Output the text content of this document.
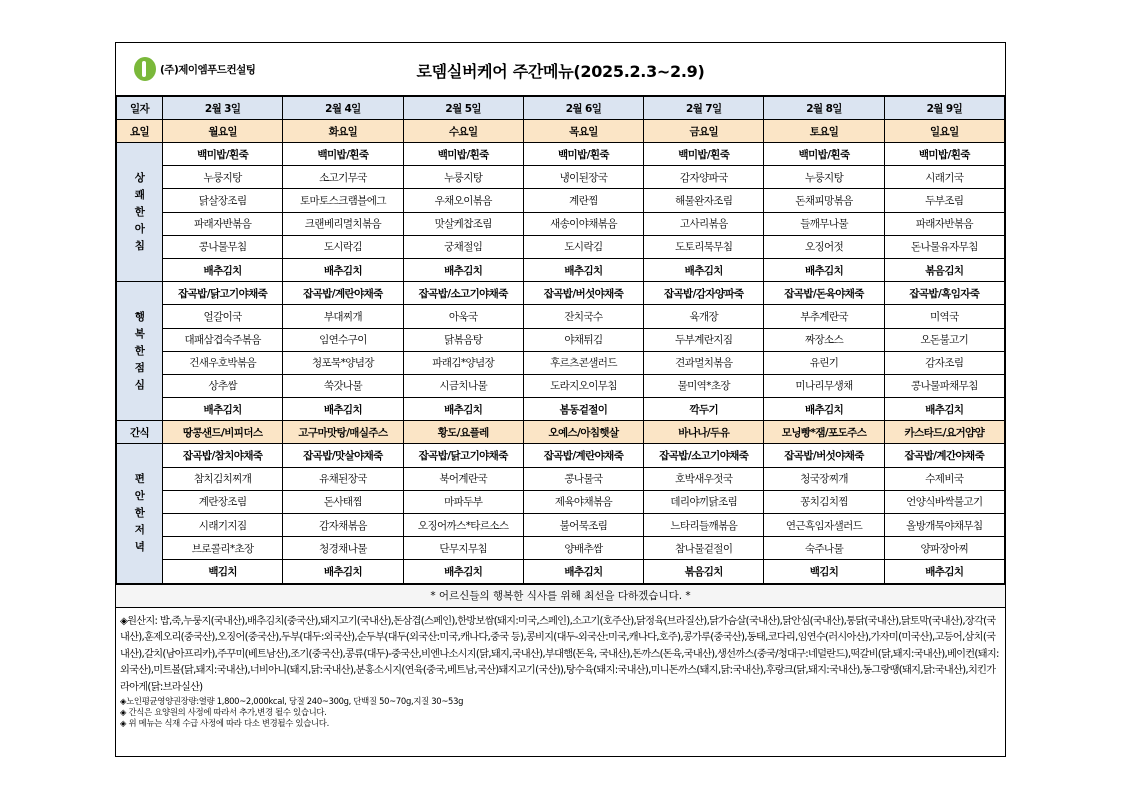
(주)제이엠푸드컨설팅	로뎀실버케어 주간메뉴(2025.2.3~2.9)
일자	2월 3일	2월 4일	2월 5일	2월 6일	2월 7일	2월 8일	2월 9일
요일	월요일	화요일	수요일	목요일	금요일	토요일	일요일

상
쾌
한
아
침	백미밥/흰죽	백미밥/흰죽	백미밥/흰죽	백미밥/흰죽	백미밥/흰죽	백미밥/흰죽	백미밥/흰죽
	누룽지탕	소고기무국	누룽지탕	냉이된장국	감자양파국	누룽지탕	시래기국
	닭살장조림	토마토스크램블에그	우채오이볶음	계란찜	해물완자조림	돈채피망볶음	두부조림
	파래자반볶음	크랜베리멸치볶음	맛살케찹조림	새송이야채볶음	고사리볶음	들깨무나물	파래자반볶음
	콩나물무침	도시락김	궁채절임	도시락김	도토리묵무침	오징어젓	돈나물유자무침
	배추김치	배추김치	배추김치	배추김치	배추김치	배추김치	볶음김치

행
복
한
점
심	잡곡밥/닭고기야채죽	잡곡밥/계란야채죽	잡곡밥/소고기야채죽	잡곡밥/버섯야채죽	잡곡밥/감자양파죽	잡곡밥/돈육야채죽	잡곡밥/흑임자죽
	얼갈이국	부대찌개	아욱국	잔치국수	육개장	부추계란국	미역국
	대패삼겹숙주볶음	임연수구이	닭볶음탕	야채튀김	두부계란지짐	짜장소스	오돈불고기
	건새우호박볶음	청포묵*양념장	파래김*양념장	후르츠콘샐러드	견과멸치볶음	유린기	감자조림
	상추쌈	쑥갓나물	시금치나물	도라지오이무침	물미역*초장	미나리무생채	콩나물파채무침
	배추김치	배추김치	배추김치	봄동겉절이	깍두기	배추김치	배추김치
간식	땅콩샌드/비피더스	고구마맛탕/매실주스	황도/요플레	오예스/아침햇살	바나나/두유	모닝빵*잼/포도주스	카스타드/요거얌얌

편
안
한
저
녁	잡곡밥/참치야채죽	잡곡밥/맛살야채죽	잡곡밥/닭고기야채죽	잡곡밥/계란야채죽	잡곡밥/소고기야채죽	잡곡밥/버섯야채죽	잡곡밥/계간야채죽
	참치김치찌개	유채된장국	북어계란국	콩나물국	호박새우젓국	청국장찌개	수제비국
	계란장조림	돈사태찜	마파두부	제육야채볶음	데리야끼닭조림	꽁치김치찜	언양식바싹불고기
	시래기지짐	감자채볶음	오징어까스*타르소스	불어묵조림	느타리들깨볶음	연근흑임자샐러드	올방개묵야채무침
	브로콜리*초장	청경채나물	단무지무침	양배추쌈	참나물겉절이	숙주나물	양파장아찌
	백김치	배추김치	배추김치	배추김치	볶음김치	백김치	배추김치
* 어르신들의 행복한 식사를 위해 최선을 다하겠습니다. *
◈원산지: 밥,죽,누룽지(국내산),배추김치(중국산),돼지고기(국내산),돈삼겹(스페인),한방보쌈(돼지:미국,스페인),소고기(호주산),닭정육(브라질산),닭가슴살(국내산),닭안심(국내산),통닭(국내산),닭토막(국내산),장각(국내산),훈제오리(중국산),오징어(중국산),두부(대두:외국산),순두부(대두(외국산:미국,캐나다,중국 등),콩비지(대두-외국산:미국,캐나다,호주),콩가루(중국산),동태,코다리,임연수(러시아산),가자미(미국산),고등어,삼치(국내산),갈치(남아프리카),주꾸미(베트남산),조기(중국산),콩류(대두)-중국산,비엔나소시지(닭,돼지,국내산),부대햄(돈육, 국내산),돈까스(돈육,국내산),생선까스(중국/청대구:네덜란드),떡갈비(닭,돼지:국내산),베이컨(돼지:외국산),미트볼(닭,돼지:국내산),너비아니(돼지,닭:국내산),분홍소시지(연육(중국,베트남,국산)돼지고기(국산)),탕수육(돼지:국내산),미니돈까스(돼지,닭:국내산),후랑크(닭,돼지:국내산),동그랑땡(돼지,닭:국내산),치킨가라아게(닭:브라실산)
◈노인평균영양권장량:열량 1,800~2,000kcal, 당질 240~300g, 단백질 50~70g,지질 30~53g
◈ 간식은 요양원의 사정에 따라서 추가,변경 될수 있습니다.
◈ 위 메뉴는 식재 수급 사정에 따라 다소 변경될수 있습니다.
